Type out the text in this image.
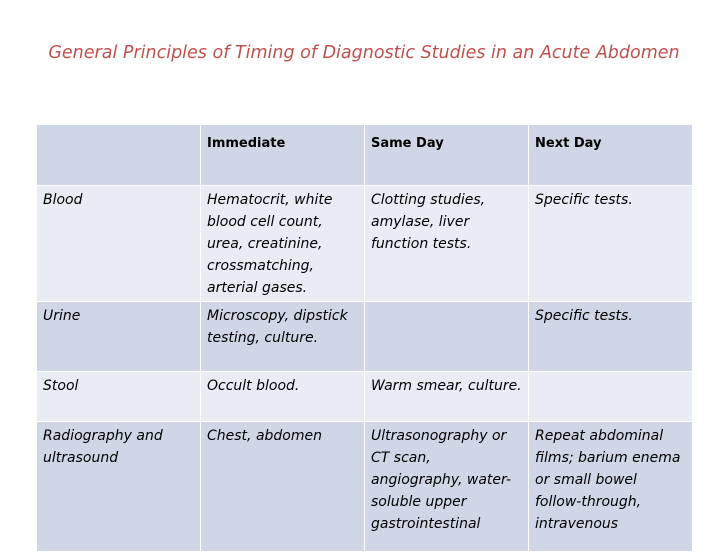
General Principles of Timing of Diagnostic Studies in an Acute Abdomen
	Immediate	Same Day	Next Day
Blood	Hematocrit, white blood cell count, urea, creatinine, crossmatching, arterial gases.	Clotting studies, amylase, liver function tests.	Specific tests.
Urine	Microscopy, dipstick testing, culture.		Specific tests.
Stool	Occult blood.	Warm smear, culture.	
Radiography and ultrasound	Chest, abdomen	Ultrasonography or CT scan, angiography, water-soluble upper gastrointestinal	Repeat abdominal films; barium enema or small bowel follow-through, intravenous
